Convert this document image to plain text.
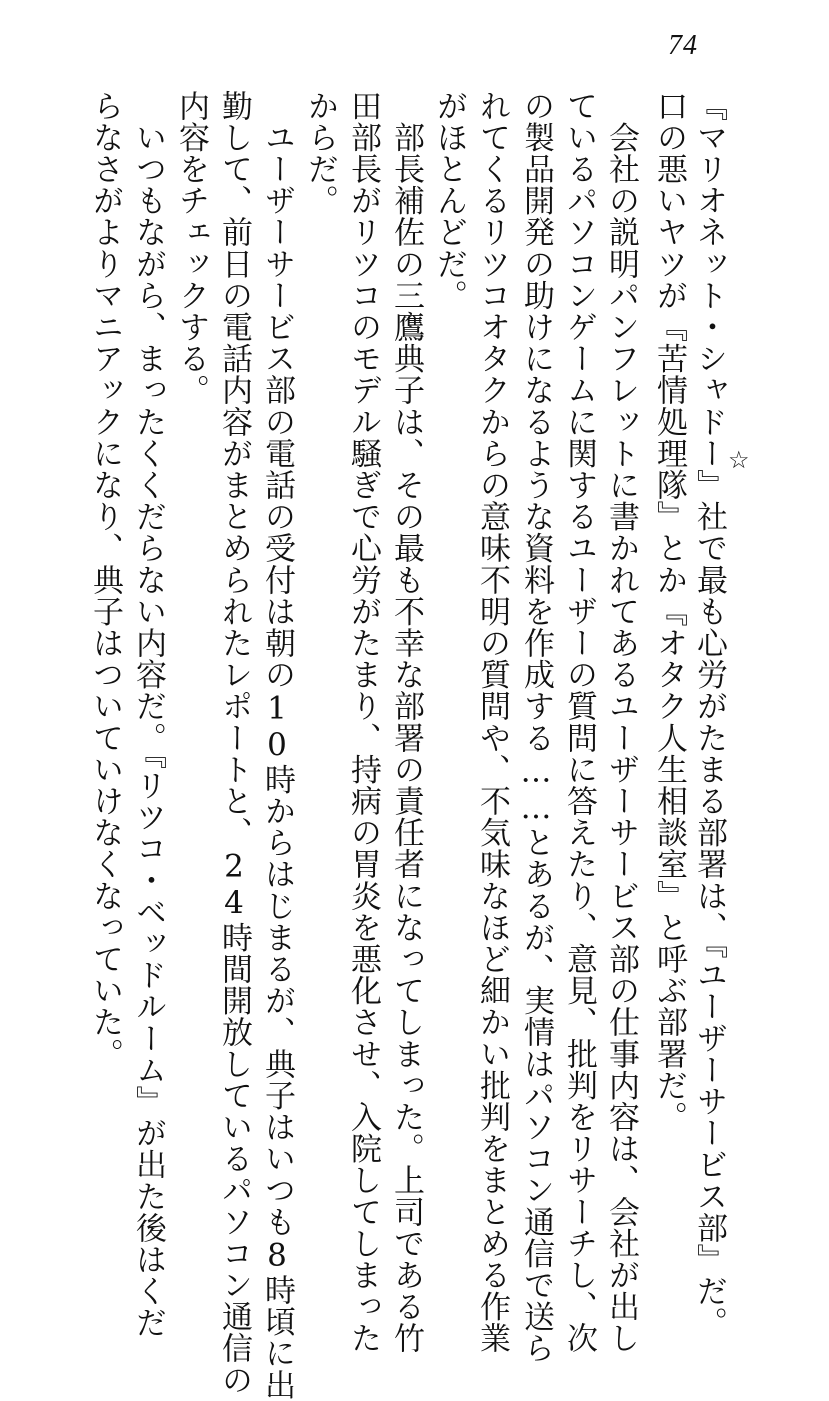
74
☆
『マリオネット・シャドー』社で最も心労がたまる部署は、『ユーザーサービス部』だ。
口の悪いヤツが『苦情処理隊』とか『オタク人生相談室』と呼ぶ部署だ。
　会社の説明パンフレットに書かれてあるユーザーサービス部の仕事内容は、会社が出し
ているパソコンゲームに関するユーザーの質問に答えたり、意見、批判をリサーチし、次
の製品開発の助けになるような資料を作成する……とあるが、実情はパソコン通信で送ら
れてくるリツコオタクからの意味不明の質問や、不気味なほど細かい批判をまとめる作業
がほとんどだ。
　部長補佐の三鷹典子は、その最も不幸な部署の責任者になってしまった。上司である竹
田部長がリツコのモデル騒ぎで心労がたまり、持病の胃炎を悪化させ、入院してしまった
からだ。
　ユーザーサービス部の電話の受付は朝の10時からはじまるが、典子はいつも8時頃に出
勤して、前日の電話内容がまとめられたレポートと、24時間開放しているパソコン通信の
内容をチェックする。
　いつもながら、まったくくだらない内容だ。『リツコ・ベッドルーム』が出た後はくだ
らなさがよりマニアックになり、典子はついていけなくなっていた。
